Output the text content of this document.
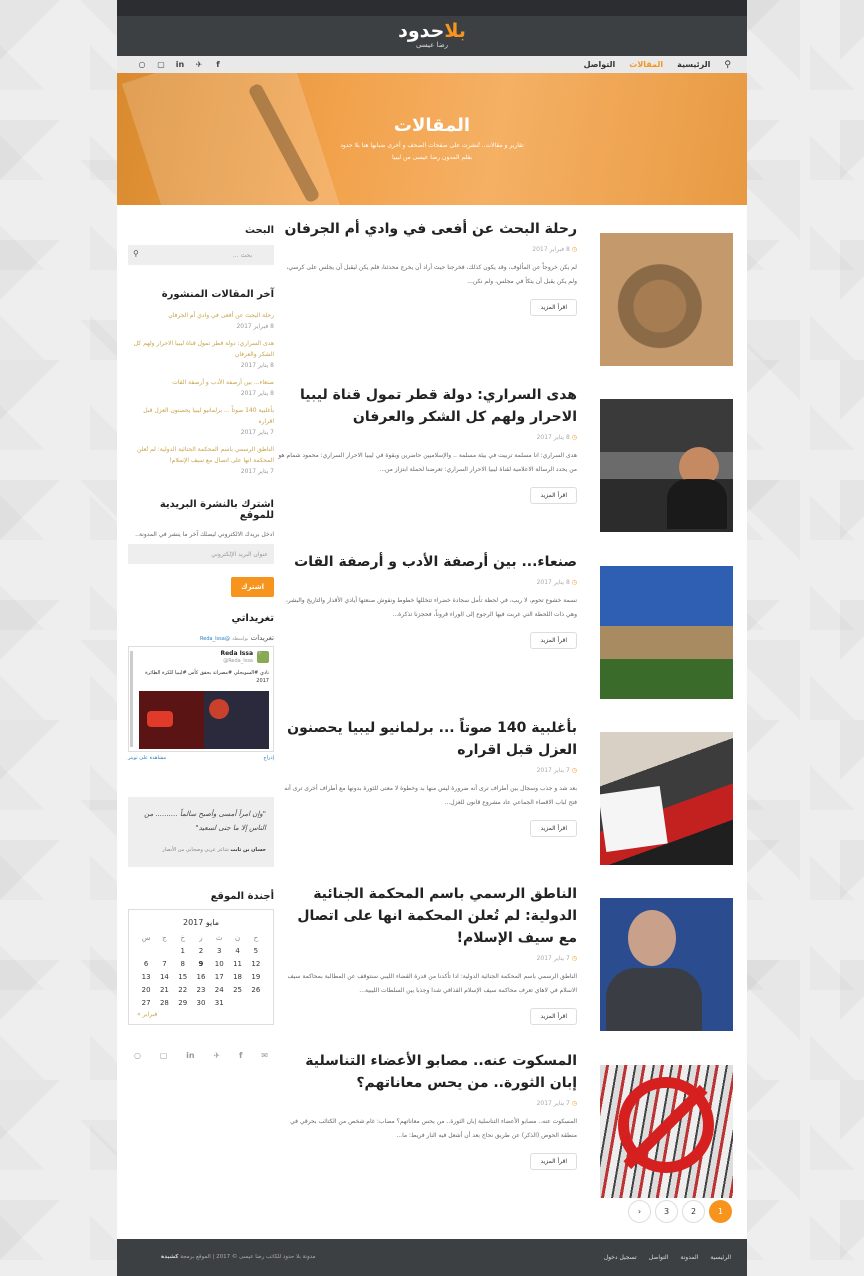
بلاحدود
رضا عيسى
⚲
الرئيسية
المقالات
التواصل
○ ▢ in ✈	f
المقالات
تقارير و مقالات.. تُنشرت على صفحات الصحف و أخرى ضبابها هنا بلا حدود
بقلم المدون رضا عيسى من ليبيا
رحلة البحث عن أفعى في وادي أم الجرفان
◷ 8 فبراير 2017
لم يكن خروجاً عن المألوف، وقد يكون كذلك، فخرجنا حيث أراد أن يخرج محدثنا، فلم يكن ليقبل أن يجلس على كرسي، ولم يكن يقبل أن يتكأ في مجلس، ولم نكن...
اقرأ المزيد
هدى السراري: دولة قطر تمول قناة ليبيا الاحرار ولهم كل الشكر والعرفان
◷ 8 يناير 2017
هدى السراري: انا مسلمة تربيت في بيئة مسلمة .. والإسلاميين حاضرين وبقوة في ليبيا الاحرار السراري: محمود شمام هو من يحدد الرسالة الاعلامية لقناة ليبيا الاحرار السراري: تعرضنا لحملة ابتزاز من...
اقرأ المزيد
صنعاء... بين أرصفة الأدب و أرصفة القات
◷ 8 يناير 2017
نسمة خشوع تحوم، لا ريب، في لحظة تأمل سجادة خضراء تتخللها خطوط ونقوش صنعتها أيادي الأقدار والتاريخ والبشر، وهي ذات اللحظة التي غربت فيها الرجوع إلى الوراء قروناً، فحجزنا تذكرة...
اقرأ المزيد
بأغلبية 140 صوتاً ... برلمانيو ليبيا يحصنون العزل قبل اقراره
◷ 7 يناير 2017
بعد شد و جذب وسجال بين أطراف ترى أنه ضرورة ليس منها بد وخطوة لا معنى للثورة بدونها مع أطراف أخرى ترى أنه فتح لباب الاقصاء الجماعي عاد مشروع قانون للعزل...
اقرأ المزيد
الناطق الرسمي باسم المحكمة الجنائية الدولية: لم تُعلن المحكمة انها على اتصال مع سيف الإسلام!
◷ 7 يناير 2017
الناطق الرسمي باسم المحكمة الجنائية الدولية: ادا تأكدنا من قدرة القضاء الليبي سنتوقف عن المطالبة بمحاكمة سيف الاسلام في لاهاي تعرف محاكمة سيف الإسلام القذافي شدا وجذبا بين السلطات الليبية...
اقرأ المزيد
المسكوت عنه.. مصابو الأعضاء التناسلية إبان الثورة.. من يحس معاناتهم؟
◷ 7 يناير 2017
المسكوت عنه.. مصابو الأعضاء التناسلية إبان الثورة.. من يحس معاناتهم؟ مصاب: غام شخص من الكتائب بحرقي في منطقة الحوض (الذكر) عن طريق نحاج بعد أن أشعل فيه النار فريط: ما...
اقرأ المزيد
البحث
بحث ...
⚲
آخر المقالات المنشورة
رحلة البحث عن أفعى في وادي أم الجرفان
8 فبراير 2017
هدى السراري: دولة قطر تمول قناة ليبيا الاحرار ولهم كل الشكر والعرفان
8 يناير 2017
صنعاء... بين أرصفة الأدب و أرصفة القات
8 يناير 2017
بأغلبية 140 صوتاً ... برلمانيو ليبيا يحصنون العزل قبل اقراره
7 يناير 2017
الناطق الرسمي باسم المحكمة الجنائية الدولية: لم تُعلن المحكمة انها على اتصال مع سيف الإسلام!
7 يناير 2017
اشترك بالنشرة البريدية للموقع
ادخل بريدك الالكتروني ليصلك آخر ما ينشر في المدونة..
عنوان البريد الإلكتروني
اشترك
تغريداتي
تغريدات بواسطة @Reda_Issa
Reda Issa
@Reda_Issa
✈
نادي #السويحلي #مصراتة يحقق كأس #ليبيا للكرة الطائرة 2017
إدراج
مشاهدة على تويتر
"وإن امرأ أمسى وأصبح سالماً .......... من الناس إلا ما جنى لسعيد"
حسان بن ثابت شاعر عربي وصحابي من الأنصار
أجندة الموقع
مايو 2017
س	ج	خ	ر	ث	ن	ح
		1	2	3	4	5
6	7	8	9	10	11	12
13	14	15	16	17	18	19
20	21	22	23	24	25	26
27	28	29	30	31		
« فبراير
○ ▢ in ✈ f ✉
›	3	2	1
الرئيسية
المدونة
التواصل
تسجيل دخول
مدونة بلا حدود للكاتب رضا عيسى © 2017 | الموقع برمجة كشيدة
